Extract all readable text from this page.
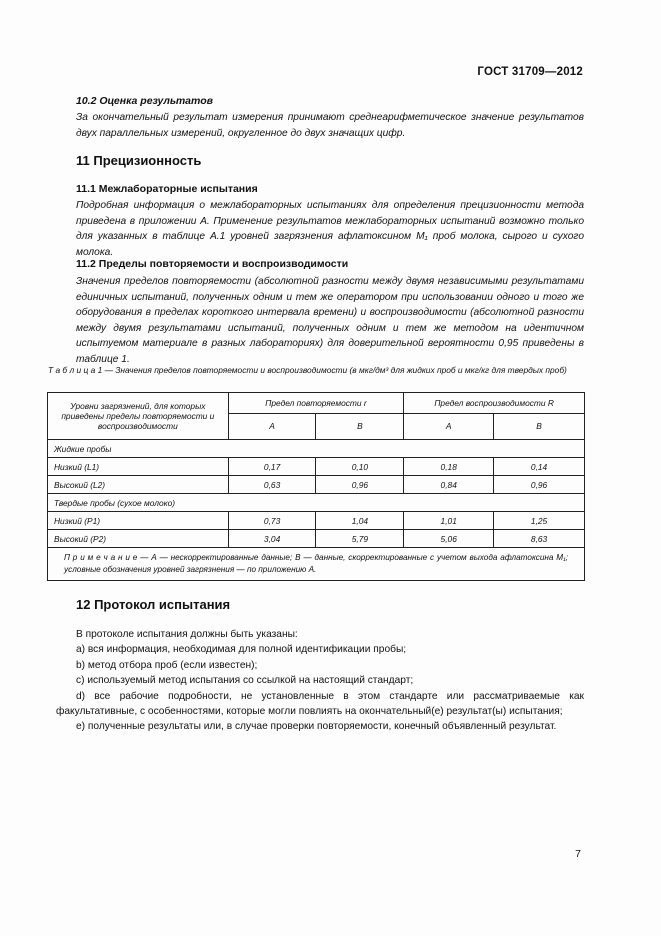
ГОСТ 31709—2012
10.2 Оценка результатов
За окончательный результат измерения принимают среднеарифметическое значение результатов двух параллельных измерений, округленное до двух значащих цифр.
11 Прецизионность
11.1 Межлабораторные испытания
Подробная информация о межлабораторных испытаниях для определения прецизионности метода приведена в приложении А. Применение результатов межлабораторных испытаний возможно только для указанных в таблице А.1 уровней загрязнения афлатоксином M₁ проб молока, сырого и сухого молока.
11.2 Пределы повторяемости и воспроизводимости
Значения пределов повторяемости (абсолютной разности между двумя независимыми результатами единичных испытаний, полученных одним и тем же оператором при использовании одного и того же оборудования в пределах короткого интервала времени) и воспроизводимости (абсолютной разности между двумя результатами испытаний, полученных одним и тем же методом на идентичном испытуемом материале в разных лабораториях) для доверительной вероятности 0,95 приведены в таблице 1.
Т а б л и ц а 1 — Значения пределов повторяемости и воспроизводимости (в мкг/дм³ для жидких проб и мкг/кг для твердых проб)
Уровни загрязнений, для которых приведены пределы повторяемости и воспроизводимости	Предел повторяемости r		Предел воспроизводимости R	
	A	B	A	B
Жидкие пробы				
Низкий (L1)	0,17	0,10	0,18	0,14
Высокий (L2)	0,63	0,96	0,84	0,96
Твердые пробы (сухое молоко)				
Низкий (P1)	0,73	1,04	1,01	1,25
Высокий (P2)	3,04	5,79	5,06	8,63
П р и м е ч а н и е — А — нескорректированные данные; В — данные, скорректированные с учетом выхода афлатоксина M₁; условные обозначения уровней загрязнения — по приложению А.				
12 Протокол испытания
В протоколе испытания должны быть указаны:
a) вся информация, необходимая для полной идентификации пробы;
b) метод отбора проб (если известен);
c) используемый метод испытания со ссылкой на настоящий стандарт;
d) все рабочие подробности, не установленные в этом стандарте или рассматриваемые как факультативные, с особенностями, которые могли повлиять на окончательный(е) результат(ы) испытания;
e) полученные результаты или, в случае проверки повторяемости, конечный объявленный результат.
7
